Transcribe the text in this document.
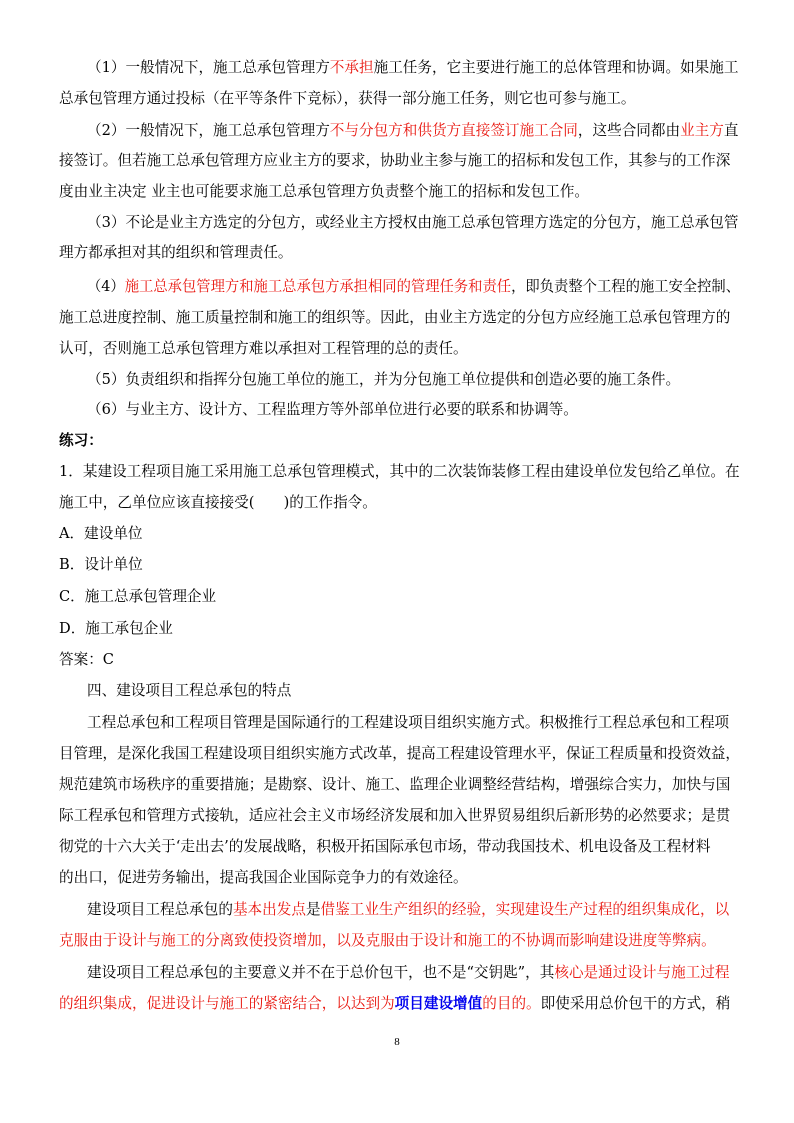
（1）一般情况下，施工总承包管理方不承担施工任务，它主要进行施工的总体管理和协调。如果施工
总承包管理方通过投标（在平等条件下竞标），获得一部分施工任务，则它也可参与施工。
（2）一般情况下，施工总承包管理方不与分包方和供货方直接签订施工合同，这些合同都由业主方直
接签订。但若施工总承包管理方应业主方的要求，协助业主参与施工的招标和发包工作，其参与的工作深
度由业主决定 业主也可能要求施工总承包管理方负责整个施工的招标和发包工作。
（3）不论是业主方选定的分包方，或经业主方授权由施工总承包管理方选定的分包方，施工总承包管
理方都承担对其的组织和管理责任。
（4）施工总承包管理方和施工总承包方承担相同的管理任务和责任，即负责整个工程的施工安全控制、
施工总进度控制、施工质量控制和施工的组织等。因此，由业主方选定的分包方应经施工总承包管理方的
认可，否则施工总承包管理方难以承担对工程管理的总的责任。
（5）负责组织和指挥分包施工单位的施工，并为分包施工单位提供和创造必要的施工条件。
（6）与业主方、设计方、工程监理方等外部单位进行必要的联系和协调等。
练习：
1．某建设工程项目施工采用施工总承包管理模式，其中的二次装饰装修工程由建设单位发包给乙单位。在
施工中，乙单位应该直接接受(　　)的工作指令。
A．建设单位
B．设计单位
C．施工总承包管理企业
D．施工承包企业
答案：C
四、建设项目工程总承包的特点
工程总承包和工程项目管理是国际通行的工程建设项目组织实施方式。积极推行工程总承包和工程项
目管理，是深化我国工程建设项目组织实施方式改革，提高工程建设管理水平，保证工程质量和投资效益，
规范建筑市场秩序的重要措施；是勘察、设计、施工、监理企业调整经营结构，增强综合实力，加快与国
际工程承包和管理方式接轨，适应社会主义市场经济发展和加入世界贸易组织后新形势的必然要求；是贯
彻党的十六大关于‘走出去’的发展战略，积极开拓国际承包市场，带动我国技术、机电设备及工程材料
的出口，促进劳务输出，提高我国企业国际竞争力的有效途径。
建设项目工程总承包的基本出发点是借鉴工业生产组织的经验，实现建设生产过程的组织集成化，以
克服由于设计与施工的分离致使投资增加，以及克服由于设计和施工的不协调而影响建设进度等弊病。
建设项目工程总承包的主要意义并不在于总价包干，也不是“交钥匙”，其核心是通过设计与施工过程
的组织集成，促进设计与施工的紧密结合，以达到为项目建设增值的目的。即使采用总价包干的方式，稍
8
